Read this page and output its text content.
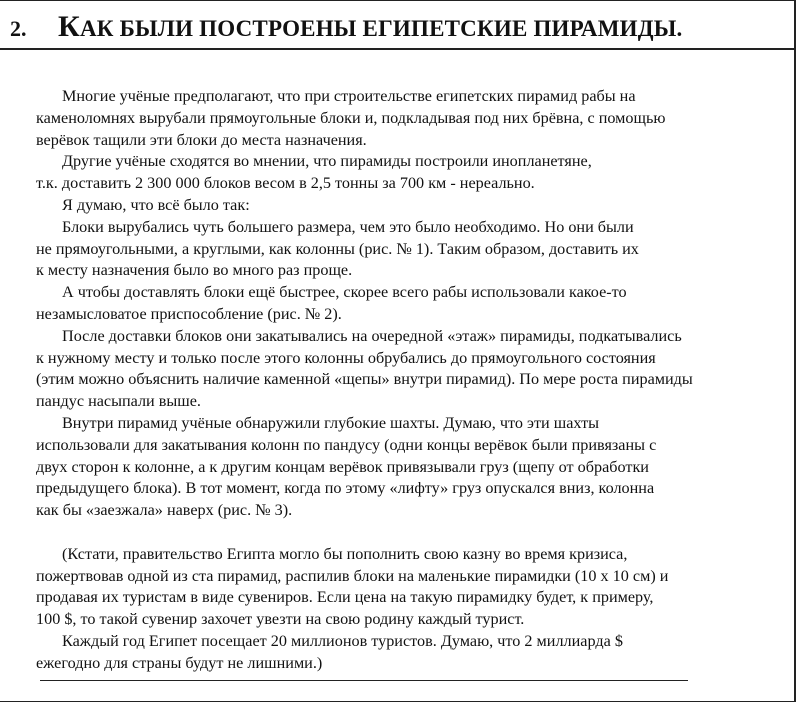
2. КАК БЫЛИ ПОСТРОЕНЫ ЕГИПЕТСКИЕ ПИРАМИДЫ.
Многие учёные предполагают, что при строительстве египетских пирамид рабы на
каменоломнях вырубали прямоугольные блоки и, подкладывая под них брёвна, с помощью
верёвок тащили эти блоки до места назначения.
Другие учёные сходятся во мнении, что пирамиды построили инопланетяне,
т.к. доставить 2 300 000 блоков весом в 2,5 тонны за 700 км - нереально.
Я думаю, что всё было так:
Блоки вырубались чуть большего размера, чем это было необходимо. Но они были
не прямоугольными, а круглыми, как колонны (рис. № 1). Таким образом, доставить их
к месту назначения было во много раз проще.
А чтобы доставлять блоки ещё быстрее, скорее всего рабы использовали какое-то
незамысловатое приспособление (рис. № 2).
После доставки блоков они закатывались на очередной «этаж» пирамиды, подкатывались
к нужному месту и только после этого колонны обрубались до прямоугольного состояния
(этим можно объяснить наличие каменной «щепы» внутри пирамид). По мере роста пирамиды
пандус насыпали выше.
Внутри пирамид учёные обнаружили глубокие шахты. Думаю, что эти шахты
использовали для закатывания колонн по пандусу (одни концы верёвок были привязаны с
двух сторон к колонне, а к другим концам верёвок привязывали груз (щепу от обработки
предыдущего блока). В тот момент, когда по этому «лифту» груз опускался вниз, колонна
как бы «заезжала» наверх (рис. № 3).
(Кстати, правительство Египта могло бы пополнить свою казну во время кризиса,
пожертвовав одной из ста пирамид, распилив блоки на маленькие пирамидки (10 х 10 см) и
продавая их туристам в виде сувениров. Если цена на такую пирамидку будет, к примеру,
100 $, то такой сувенир захочет увезти на свою родину каждый турист.
Каждый год Египет посещает 20 миллионов туристов. Думаю, что 2 миллиарда $
ежегодно для страны будут не лишними.)
